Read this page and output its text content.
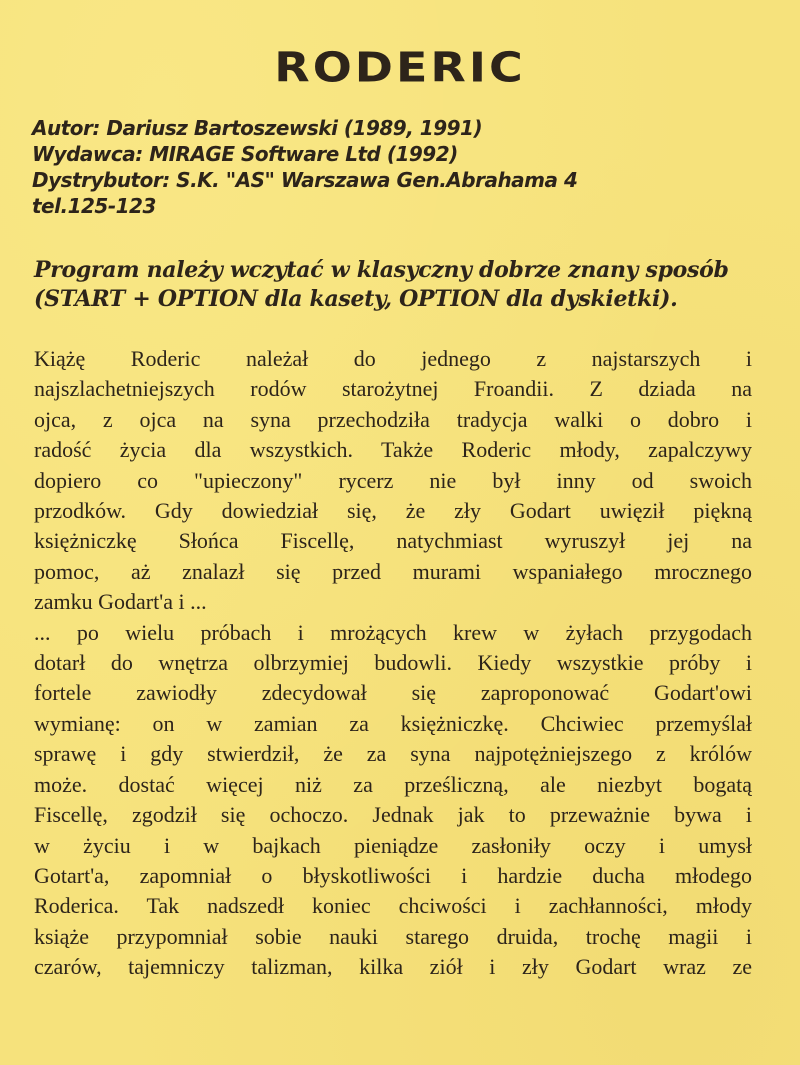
RODERIC
Autor: Dariusz Bartoszewski (1989, 1991)
Wydawca: MIRAGE Software Ltd (1992)
Dystrybutor: S.K. "AS" Warszawa Gen.Abrahama 4
tel.125-123
Program należy wczytać w klasyczny dobrze znany sposób
(START + OPTION dla kasety, OPTION dla dyskietki).
Kiążę Roderic należał do jednego z najstarszych i
najszlachetniejszych rodów starożytnej Froandii. Z dziada na
ojca, z ojca na syna przechodziła tradycja walki o dobro i
radość życia dla wszystkich. Także Roderic młody, zapalczywy
dopiero co "upieczony" rycerz nie był inny od swoich
przodków. Gdy dowiedział się, że zły Godart uwięził piękną
księżniczkę Słońca Fiscellę, natychmiast wyruszył jej na
pomoc, aż znalazł się przed murami wspaniałego mrocznego
zamku Godart'a i ...
... po wielu próbach i mrożących krew w żyłach przygodach
dotarł do wnętrza olbrzymiej budowli. Kiedy wszystkie próby i
fortele zawiodły zdecydował się zaproponować Godart'owi
wymianę: on w zamian za księżniczkę. Chciwiec przemyślał
sprawę i gdy stwierdził, że za syna najpotężniejszego z królów
może. dostać więcej niż za prześliczną, ale niezbyt bogatą
Fiscellę, zgodził się ochoczo. Jednak jak to przeważnie bywa i
w życiu i w bajkach pieniądze zasłoniły oczy i umysł
Gotart'a, zapomniał o błyskotliwości i hardzie ducha młodego
Roderica. Tak nadszedł koniec chciwości i zachłanności, młody
książe przypomniał sobie nauki starego druida, trochę magii i
czarów, tajemniczy talizman, kilka ziół i zły Godart wraz ze
